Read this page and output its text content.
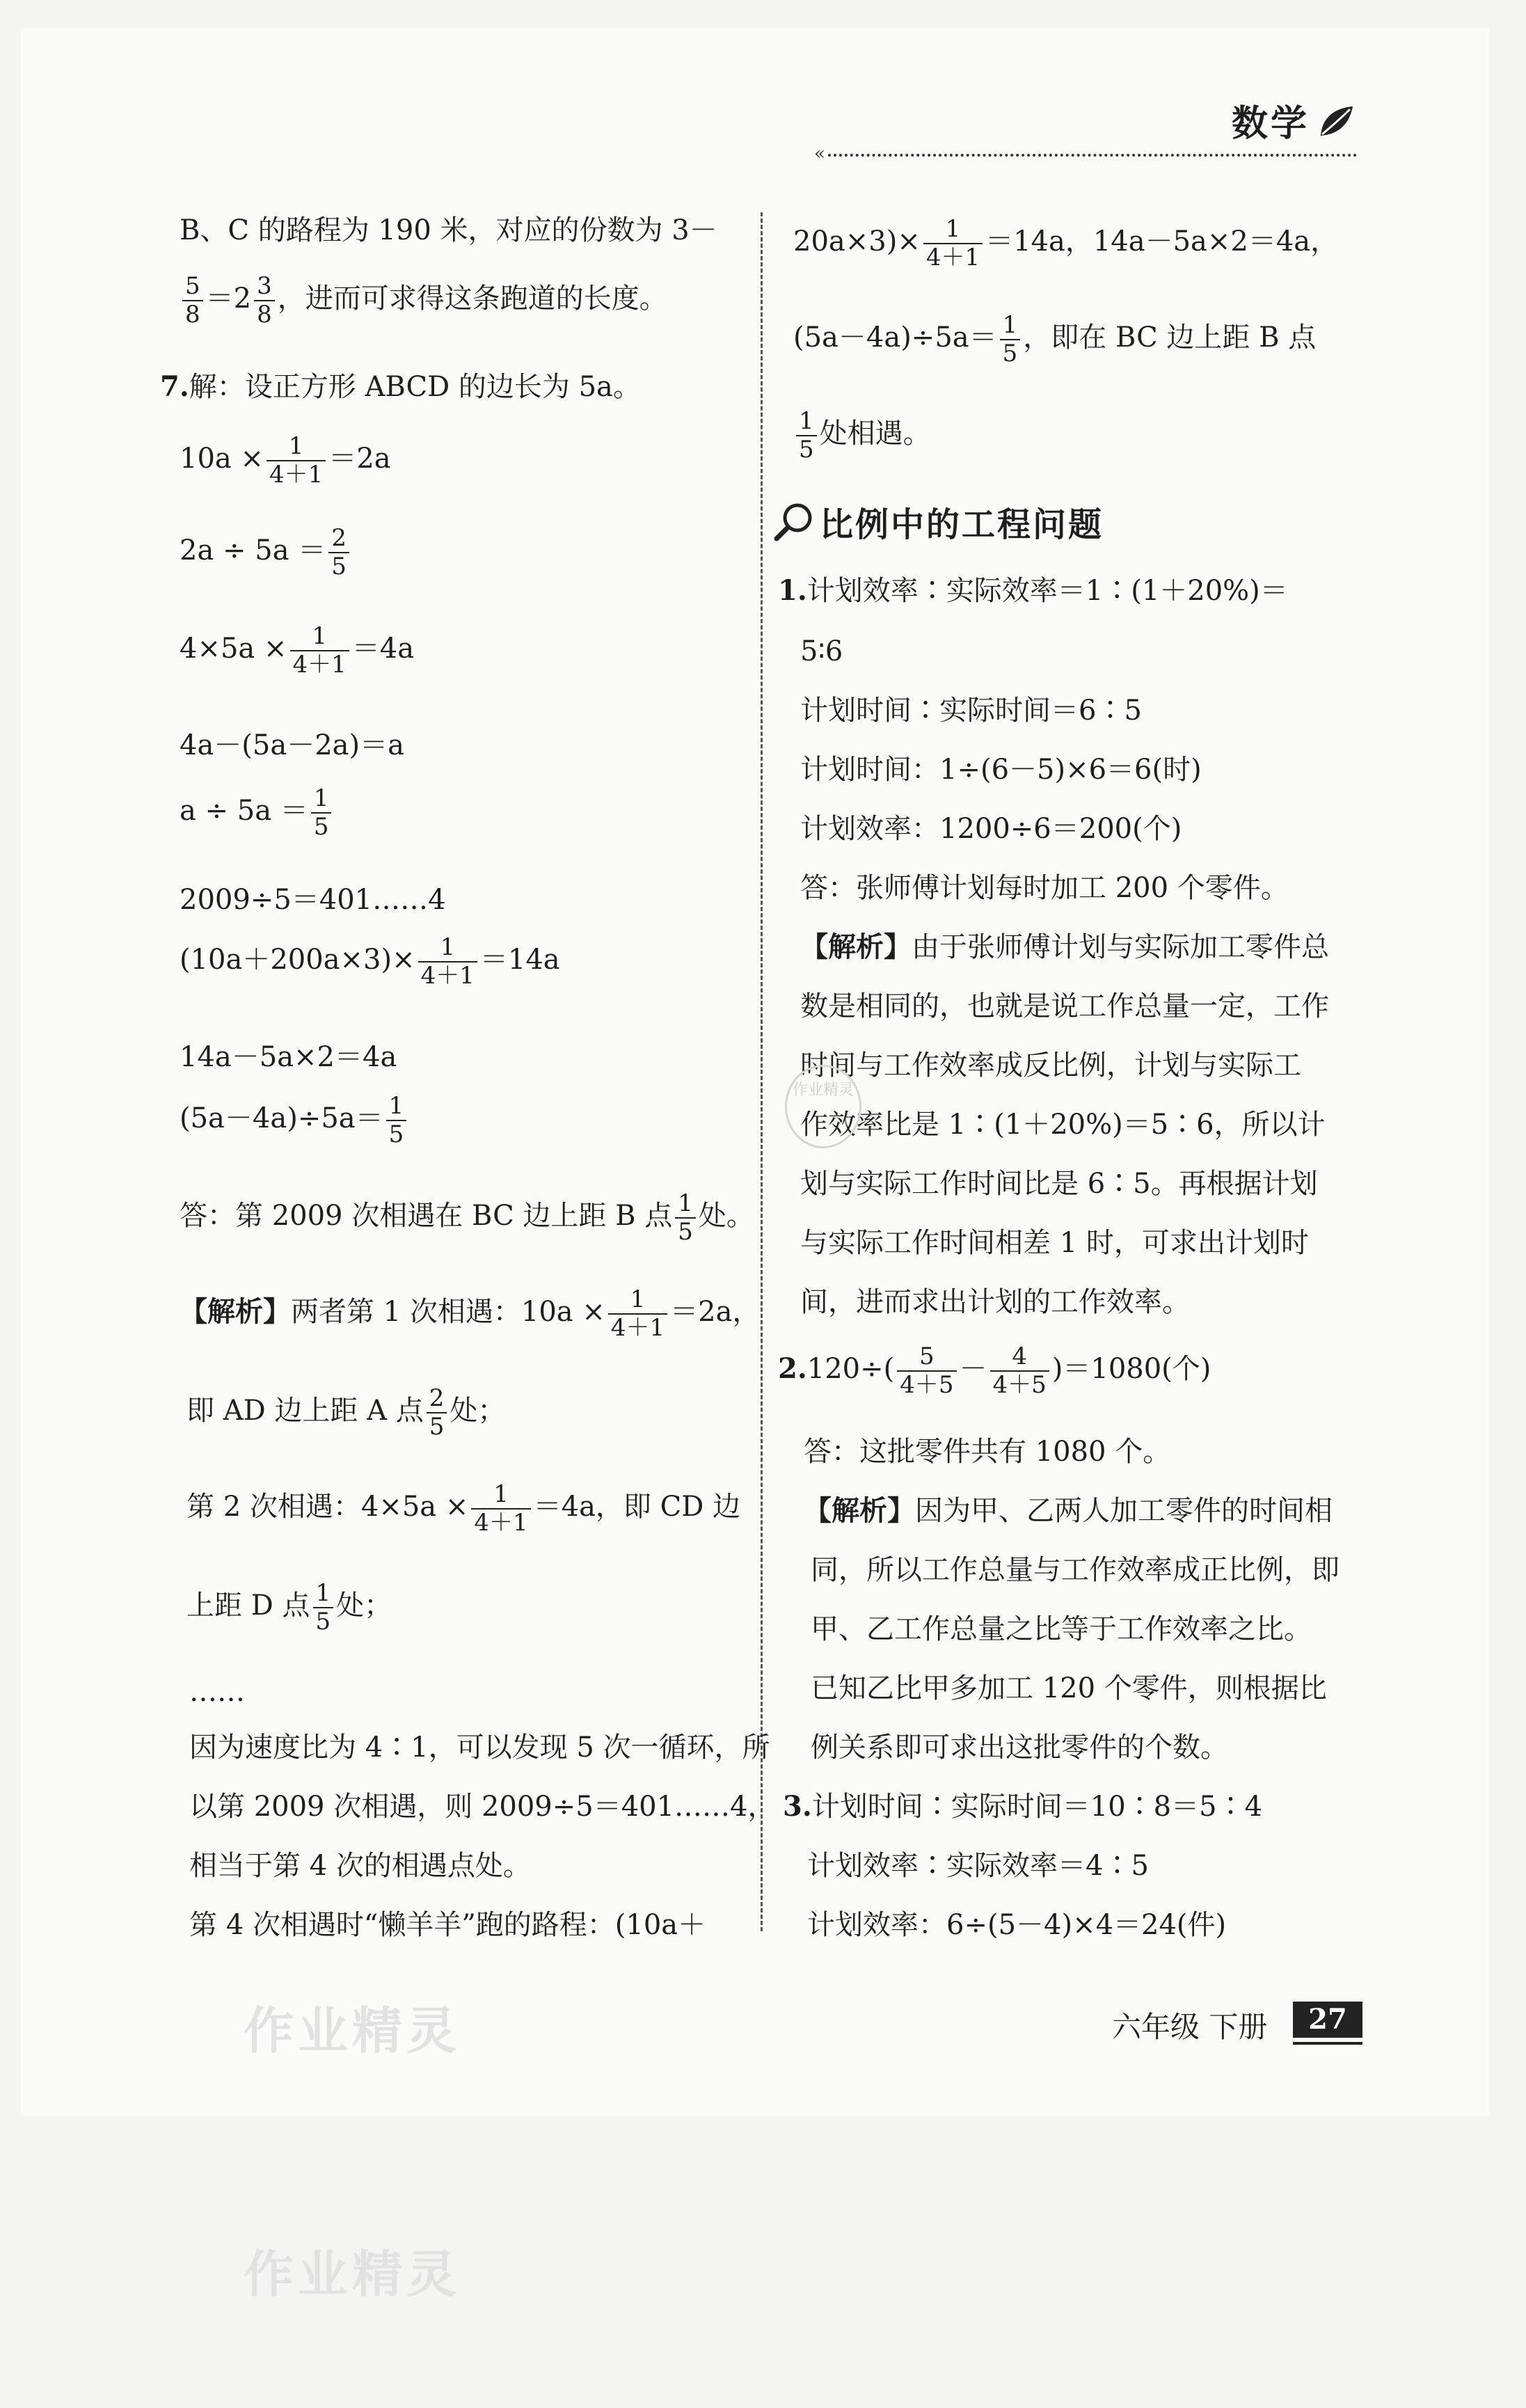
数学
«
B、C 的路程为 190 米，对应的份数为 3－
$\frac{5}{8} =2 \frac{3}{8}$ ，进而可求得这条跑道的长度。
7.解：设正方形 ABCD 的边长为 5a。
$10a \times \frac{1}{4+1} =2a$
$2a \div 5a = \frac{2}{5}$
$4\times 5a \times \frac{1}{4+1} =4a$
4a－(5a－2a)＝a
$a \div 5a = \frac{1}{5}$
2009÷5＝401……4
$(10a+200a\times 3)\times \frac{1}{4+1} =14a$
14a－5a×2＝4a
$(5a-4a)\div 5a= \frac{1}{5}$
答：第 2009 次相遇在 BC 边上距 B 点 $\frac{1}{5}$ 处。
【解析】两者第 1 次相遇：$10a \times \frac{1}{4+1} =2a$，
即 AD 边上距 A 点 $\frac{2}{5}$ 处；
第 2 次相遇：$4\times 5a \times \frac{1}{4+1} =4a$，即 CD 边
上距 D 点 $\frac{1}{5}$ 处；
……
因为速度比为 4∶1，可以发现 5 次一循环，所
以第 2009 次相遇，则 2009÷5＝401……4，
相当于第 4 次的相遇点处。
第 4 次相遇时“懒羊羊”跑的路程：(10a＋
$20a\times 3)\times \frac{1}{4+1} =14a$，14a－5a×2＝4a，
$(5a-4a)\div 5a= \frac{1}{5}$ ，即在 BC 边上距 B 点
$\frac{1}{5}$ 处相遇。
比例中的工程问题
1.计划效率∶实际效率＝1∶(1＋20%)＝
5∶6
计划时间∶实际时间＝6∶5
计划时间：1÷(6－5)×6＝6(时)
计划效率：1200÷6＝200(个)
答：张师傅计划每时加工 200 个零件。
【解析】由于张师傅计划与实际加工零件总
数是相同的，也就是说工作总量一定，工作
时间与工作效率成反比例，计划与实际工
作效率比是 1∶(1＋20%)＝5∶6，所以计
划与实际工作时间比是 6∶5。再根据计划
与实际工作时间相差 1 时，可求出计划时
间，进而求出计划的工作效率。
$2.120\div( \frac{5}{4+5} - \frac{4}{4+5} )=1080$(个)
答：这批零件共有 1080 个。
【解析】因为甲、乙两人加工零件的时间相
同，所以工作总量与工作效率成正比例，即
甲、乙工作总量之比等于工作效率之比。
已知乙比甲多加工 120 个零件，则根据比
例关系即可求出这批零件的个数。
3.计划时间∶实际时间＝10∶8＝5∶4
计划效率∶实际效率＝4∶5
计划效率：6÷(5－4)×4＝24(件)
作业精灵
六年级 下册	27
作业精灵
作业精灵
